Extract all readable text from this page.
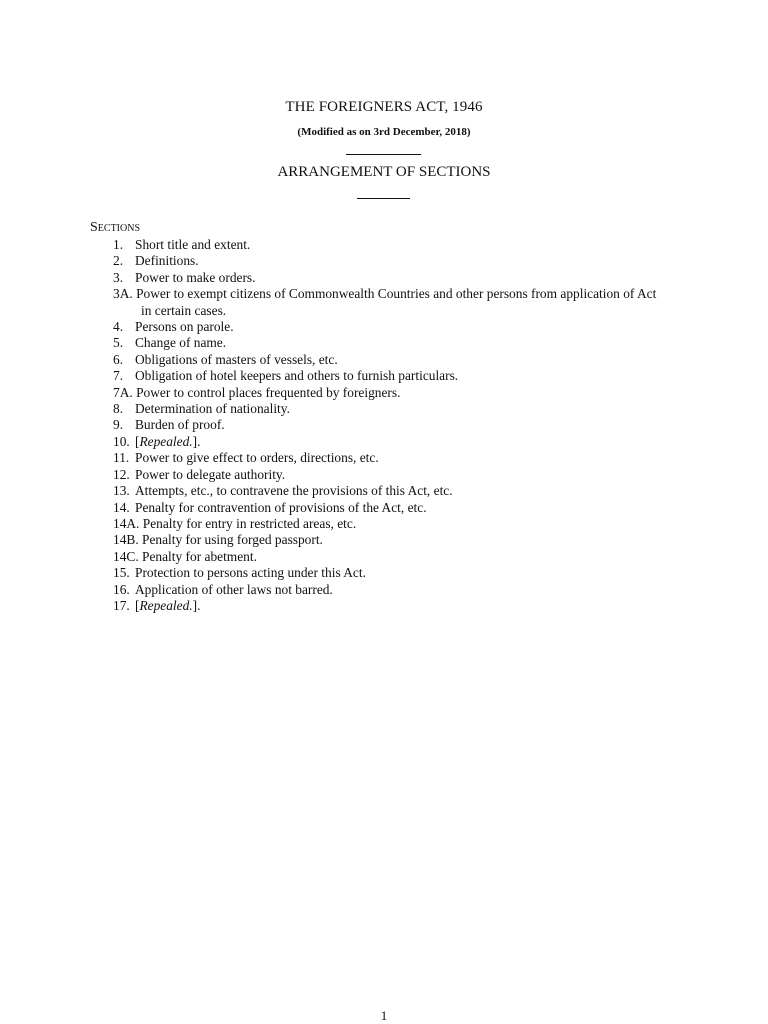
THE FOREIGNERS ACT, 1946
(Modified as on 3rd December, 2018)
ARRANGEMENT OF SECTIONS
Sections
1. Short title and extent.
2. Definitions.
3. Power to make orders.
3A. Power to exempt citizens of Commonwealth Countries and other persons from application of Act
in certain cases.
4. Persons on parole.
5. Change of name.
6. Obligations of masters of vessels, etc.
7. Obligation of hotel keepers and others to furnish particulars.
7A. Power to control places frequented by foreigners.
8. Determination of nationality.
9. Burden of proof.
10. [Repealed.].
11. Power to give effect to orders, directions, etc.
12. Power to delegate authority.
13. Attempts, etc., to contravene the provisions of this Act, etc.
14. Penalty for contravention of provisions of the Act, etc.
14A. Penalty for entry in restricted areas, etc.
14B. Penalty for using forged passport.
14C. Penalty for abetment.
15. Protection to persons acting under this Act.
16. Application of other laws not barred.
17. [Repealed.].
1
